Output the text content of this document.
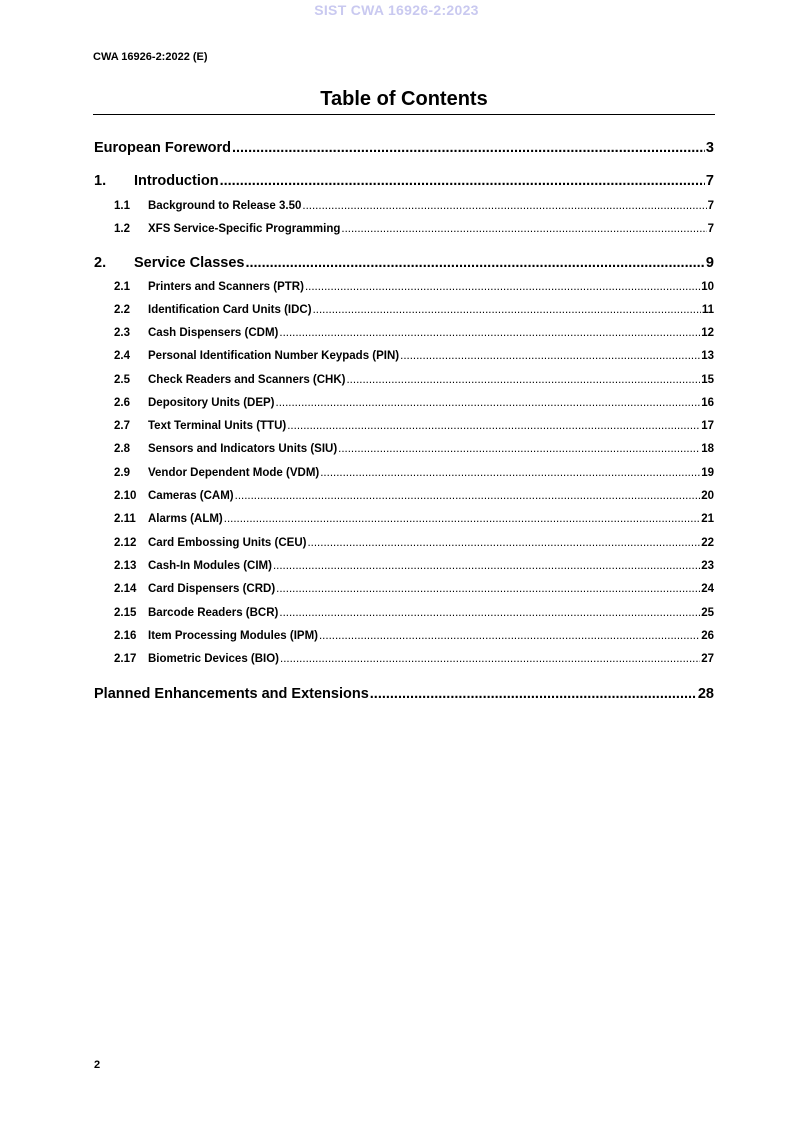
SIST CWA 16926-2:2023
CWA 16926-2:2022 (E)
Table of Contents
European Foreword .....	3
1.	Introduction .....	7
1.1	Background to Release 3.50 .....	7
1.2	XFS Service-Specific Programming .....	7
2.	Service Classes .....	9
2.1	Printers and Scanners (PTR) .....	10
2.2	Identification Card Units (IDC) .....	11
2.3	Cash Dispensers (CDM) .....	12
2.4	Personal Identification Number Keypads (PIN) .....	13
2.5	Check Readers and Scanners (CHK) .....	15
2.6	Depository Units (DEP) .....	16
2.7	Text Terminal Units (TTU) .....	17
2.8	Sensors and Indicators Units (SIU) .....	18
2.9	Vendor Dependent Mode (VDM) .....	19
2.10	Cameras (CAM) .....	20
2.11	Alarms (ALM) .....	21
2.12	Card Embossing Units (CEU) .....	22
2.13	Cash-In Modules (CIM) .....	23
2.14	Card Dispensers (CRD) .....	24
2.15	Barcode Readers (BCR) .....	25
2.16	Item Processing Modules (IPM) .....	26
2.17	Biometric Devices (BIO) .....	27
Planned Enhancements and Extensions .....	28
2
